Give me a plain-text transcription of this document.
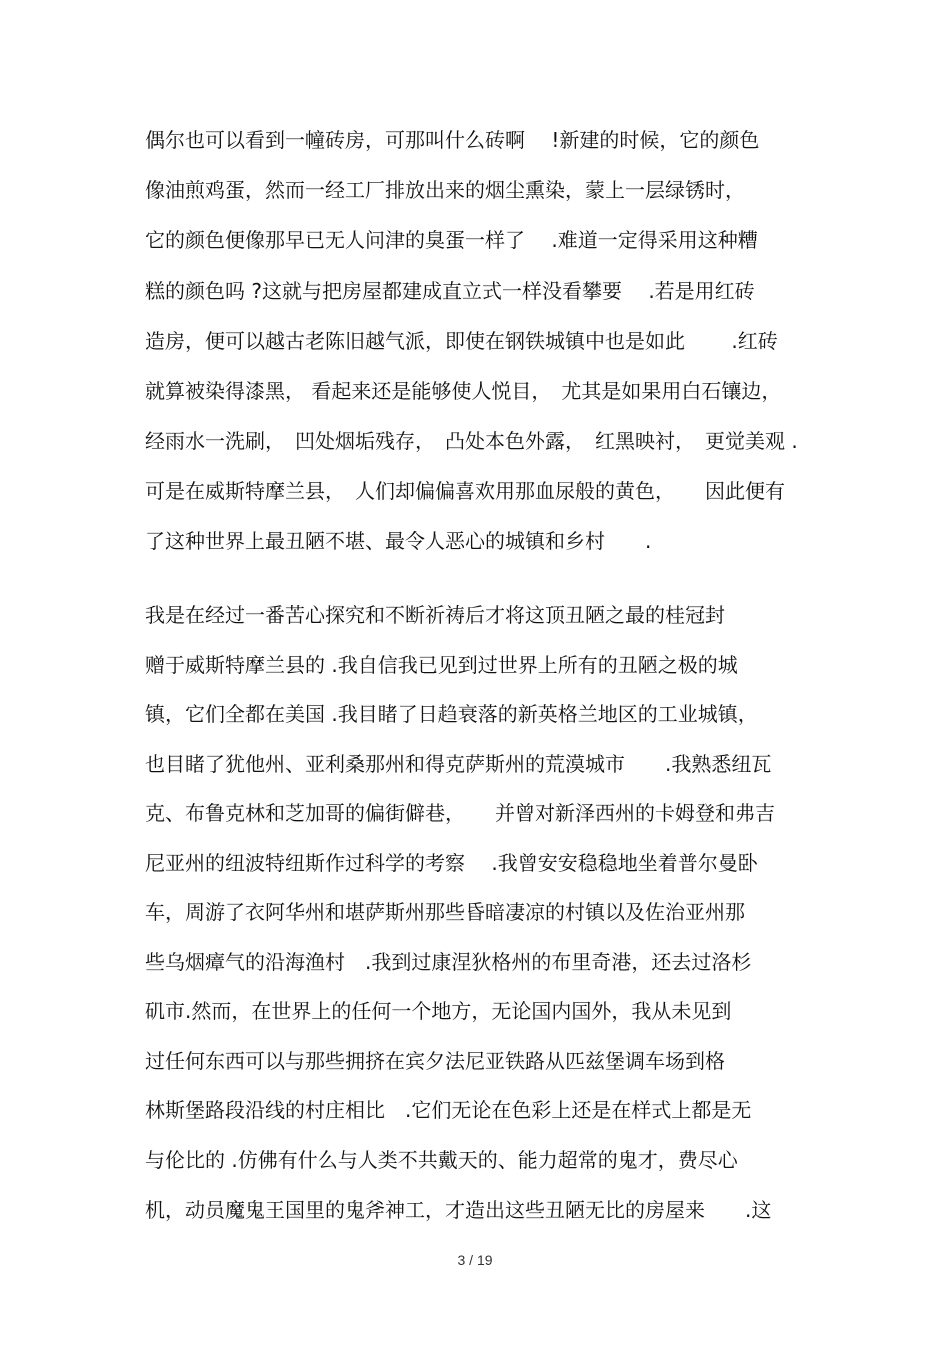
偶尔也可以看到一幢砖房，可那叫什么砖啊　 !新建的时候，它的颜色
像油煎鸡蛋，然而一经工厂排放出来的烟尘熏染，蒙上一层绿锈时，
它的颜色便像那早已无人问津的臭蛋一样了　 .难道一定得采用这种糟
糕的颜色吗 ?这就与把房屋都建成直立式一样没看攀要　 .若是用红砖
造房，便可以越古老陈旧越气派，即使在钢铁城镇中也是如此　　 .红砖
就算被染得漆黑， 看起来还是能够使人悦目，　尤其是如果用白石镶边，
经雨水一洗刷，　凹处烟垢残存，　凸处本色外露，　红黑映衬，　更觉美观 .
可是在威斯特摩兰县，　人们却偏偏喜欢用那血尿般的黄色，　　因此便有
了这种世界上最丑陋不堪、最令人恶心的城镇和乡村　　.
我是在经过一番苦心探究和不断祈祷后才将这顶丑陋之最的桂冠封
赠于威斯特摩兰县的 .我自信我已见到过世界上所有的丑陋之极的城
镇，它们全都在美国 .我目睹了日趋衰落的新英格兰地区的工业城镇，
也目睹了犹他州、亚利桑那州和得克萨斯州的荒漠城市　　.我熟悉纽瓦
克、布鲁克林和芝加哥的偏街僻巷，　　并曾对新泽西州的卡姆登和弗吉
尼亚州的纽波特纽斯作过科学的考察　 .我曾安安稳稳地坐着普尔曼卧
车，周游了衣阿华州和堪萨斯州那些昏暗凄凉的村镇以及佐治亚州那
些乌烟瘴气的沿海渔村　.我到过康涅狄格州的布里奇港，还去过洛杉
矶市.然而，在世界上的任何一个地方，无论国内国外，我从未见到
过任何东西可以与那些拥挤在宾夕法尼亚铁路从匹兹堡调车场到格
林斯堡路段沿线的村庄相比　.它们无论在色彩上还是在样式上都是无
与伦比的 .仿佛有什么与人类不共戴天的、能力超常的鬼才，费尽心
机，动员魔鬼王国里的鬼斧神工，才造出这些丑陋无比的房屋来　　.这
3 / 19
